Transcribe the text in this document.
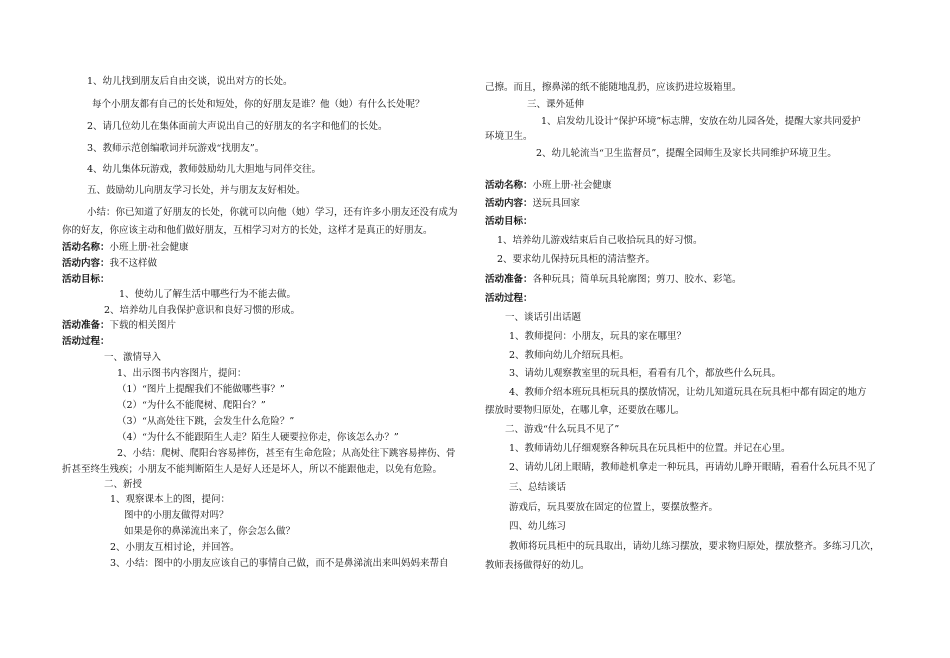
1、幼儿找到朋友后自由交谈，说出对方的长处。
每个小朋友都有自己的长处和短处，你的好朋友是谁？他（她）有什么长处呢？
2、请几位幼儿在集体面前大声说出自己的好朋友的名字和他们的长处。
3、教师示范创编歌词并玩游戏“找朋友”。
4、幼儿集体玩游戏，教师鼓励幼儿大胆地与同伴交往。
五、鼓励幼儿向朋友学习长处，并与朋友友好相处。
小结：你已知道了好朋友的长处，你就可以向他（她）学习，还有许多小朋友还没有成为
你的好友，你应该主动和他们做好朋友，互相学习对方的长处，这样才是真正的好朋友。
活动名称：小班上册·社会健康
活动内容：我不这样做
活动目标：
1、使幼儿了解生活中哪些行为不能去做。
2、培养幼儿自我保护意识和良好习惯的形成。
活动准备：下载的相关图片
活动过程：
一、激情导入
1、出示图书内容图片，提问：
（1）“图片上提醒我们不能做哪些事？”
（2）“为什么不能爬树、爬阳台？”
（3）“从高处往下跳，会发生什么危险？”
（4）“为什么不能跟陌生人走？陌生人硬要拉你走，你该怎么办？”
2、小结：爬树、爬阳台容易摔伤，甚至有生命危险；从高处往下跳容易摔伤、骨
折甚至终生残疾；小朋友不能判断陌生人是好人还是坏人，所以不能跟他走，以免有危险。
二、新授
1、观察课本上的图，提问：
图中的小朋友做得对吗？
如果是你的鼻涕流出来了，你会怎么做？
2、小朋友互相讨论，并回答。
3、小结：图中的小朋友应该自己的事情自己做，而不是鼻涕流出来叫妈妈来帮自
己擦。而且，擦鼻涕的纸不能随地乱扔，应该扔进垃圾箱里。
三、课外延伸
1、启发幼儿设计“保护环境”标志牌，安放在幼儿园各处，提醒大家共同爱护
环境卫生。
2、幼儿轮流当“卫生监督员”，提醒全园师生及家长共同维护环境卫生。
活动名称：小班上册·社会健康
活动内容：送玩具回家
活动目标：
1、培养幼儿游戏结束后自己收拾玩具的好习惯。
2、要求幼儿保持玩具柜的清洁整齐。
活动准备：各种玩具；简单玩具轮廓图；剪刀、胶水、彩笔。
活动过程：
一、谈话引出话题
1、教师提问：小朋友，玩具的家在哪里？
2、教师向幼儿介绍玩具柜。
3、请幼儿观察教室里的玩具柜，看看有几个，都放些什么玩具。
4、教师介绍本班玩具柜玩具的摆放情况，让幼儿知道玩具在玩具柜中都有固定的地方
摆放时要物归原处，在哪儿拿，还要放在哪儿。
二、游戏“什么玩具不见了”
1、教师请幼儿仔细观察各种玩具在玩具柜中的位置。并记在心里。
2、请幼儿闭上眼睛，教师趁机拿走一种玩具，再请幼儿睁开眼睛，看看什么玩具不见了
三、总结谈话
游戏后，玩具要放在固定的位置上，要摆放整齐。
四、幼儿练习
教师将玩具柜中的玩具取出，请幼儿练习摆放，要求物归原处，摆放整齐。多练习几次，
教师表扬做得好的幼儿。
